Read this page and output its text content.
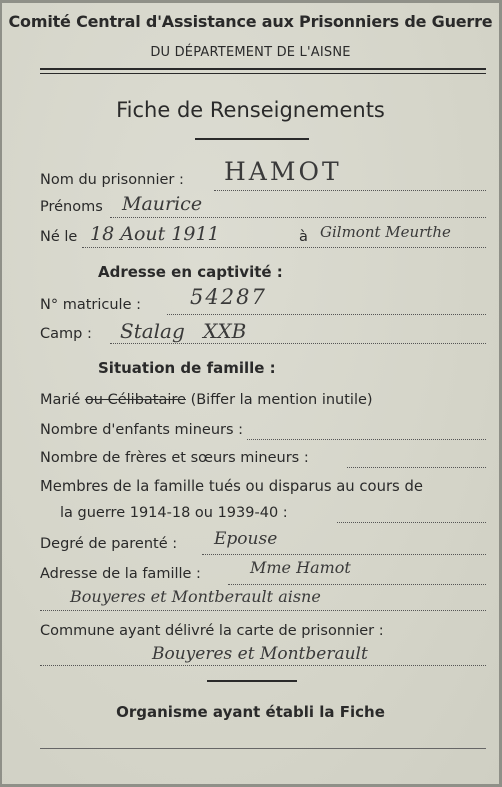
Comité Central d'Assistance aux Prisonniers de Guerre
DU DÉPARTEMENT DE L'AISNE
Fiche de Renseignements
Nom du prisonnier : HAMOT
Prénoms Maurice
Né le 18 Aout 1911	à Gilmont Meurthe
Adresse en captivité :
N° matricule : 54287
Camp : Stalag XXB
Situation de famille :
Marié ou Célibataire (Biffer la mention inutile)
Nombre d'enfants mineurs :
Nombre de frères et sœurs mineurs :
Membres de la famille tués ou disparus au cours de
la guerre 1914-18 ou 1939-40 :
Degré de parenté : Epouse
Adresse de la famille :	Mme Hamot
Bouyeres et Montberault aisne
Commune ayant délivré la carte de prisonnier :
Bouyeres et Montberault
Organisme ayant établi la Fiche
